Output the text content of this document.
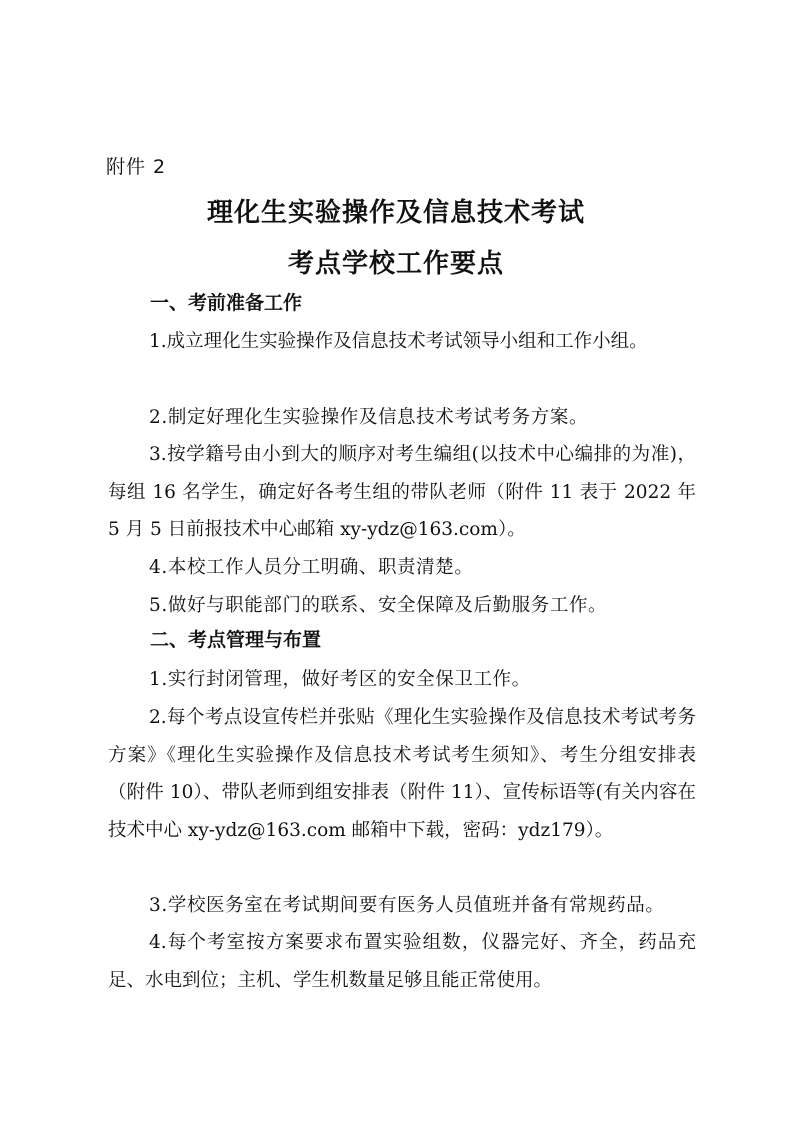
附件 2
理化生实验操作及信息技术考试
考点学校工作要点
一、考前准备工作
1.成立理化生实验操作及信息技术考试领导小组和工作小组。
2.制定好理化生实验操作及信息技术考试考务方案。
3.按学籍号由小到大的顺序对考生编组(以技术中心编排的为准)，每组 16 名学生，确定好各考生组的带队老师（附件 11 表于 2022 年 5 月 5 日前报技术中心邮箱 xy-ydz@163.com）。
4.本校工作人员分工明确、职责清楚。
5.做好与职能部门的联系、安全保障及后勤服务工作。
二、考点管理与布置
1.实行封闭管理，做好考区的安全保卫工作。
2.每个考点设宣传栏并张贴《理化生实验操作及信息技术考试考务方案》《理化生实验操作及信息技术考试考生须知》、考生分组安排表（附件 10）、带队老师到组安排表（附件 11）、宣传标语等(有关内容在技术中心 xy-ydz@163.com 邮箱中下载，密码：ydz179）。
3.学校医务室在考试期间要有医务人员值班并备有常规药品。
4.每个考室按方案要求布置实验组数，仪器完好、齐全，药品充足、水电到位；主机、学生机数量足够且能正常使用。
